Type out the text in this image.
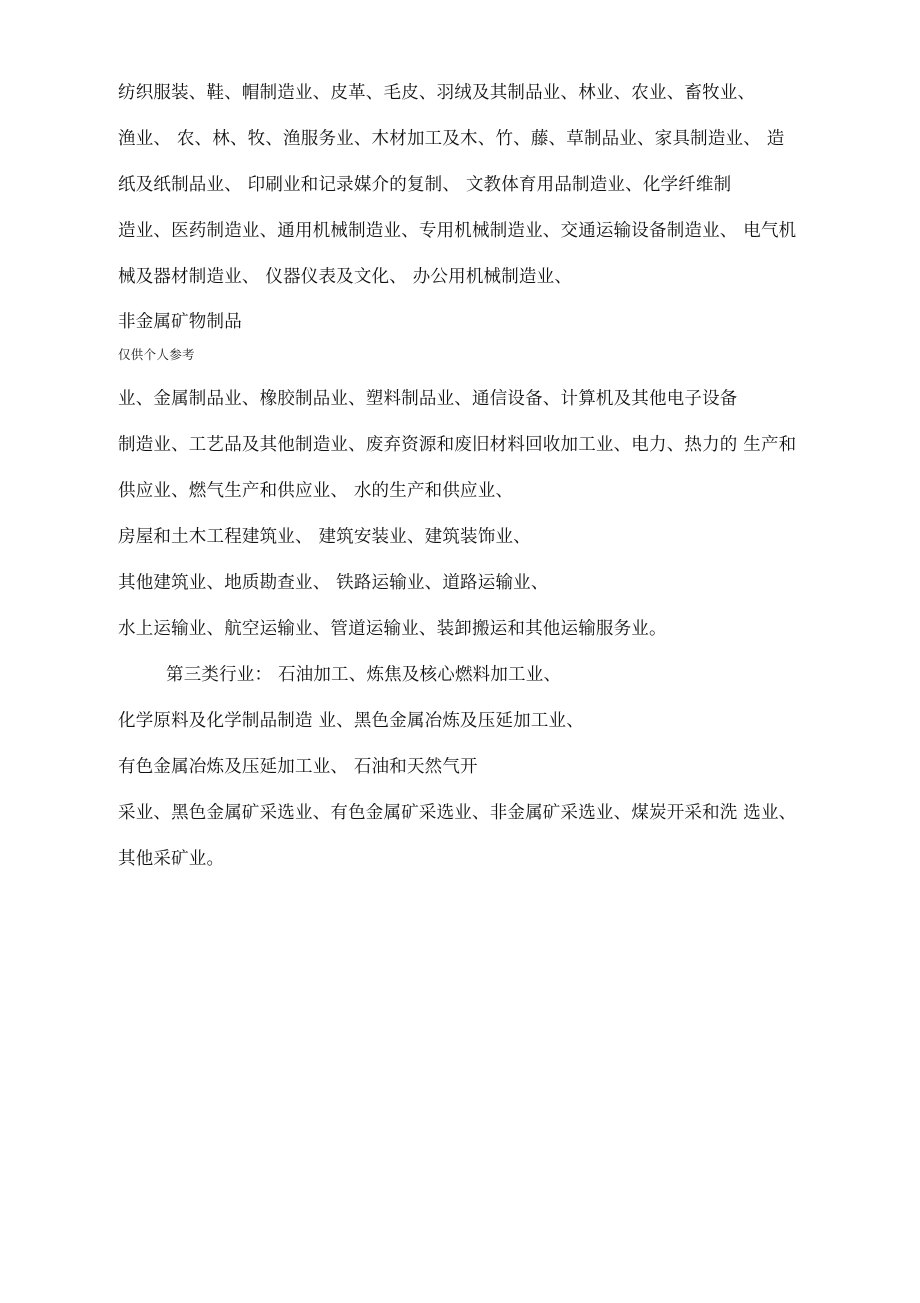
纺织服装、鞋、帽制造业、皮革、毛皮、羽绒及其制品业、林业、农业、畜牧业、

渔业、 农、林、牧、渔服务业、木材加工及木、竹、藤、草制品业、家具制造业、 造纸及纸制品业、 印刷业和记录媒介的复制、 文教体育用品制造业、化学纤维制

造业、医药制造业、通用机械制造业、专用机械制造业、交通运输设备制造业、 电气机械及器材制造业、 仪器仪表及文化、 办公用机械制造业、

非金属矿物制品

仅供个人参考

业、金属制品业、橡胶制品业、塑料制品业、通信设备、计算机及其他电子设备

制造业、工艺品及其他制造业、废弃资源和废旧材料回收加工业、电力、热力的 生产和供应业、燃气生产和供应业、 水的生产和供应业、

房屋和土木工程建筑业、 建筑安装业、建筑装饰业、

其他建筑业、地质勘查业、 铁路运输业、道路运输业、

水上运输业、航空运输业、管道运输业、装卸搬运和其他运输服务业。

第三类行业： 石油加工、炼焦及核心燃料加工业、

化学原料及化学制品制造 业、黑色金属冶炼及压延加工业、

有色金属冶炼及压延加工业、 石油和天然气开

采业、黑色金属矿采选业、有色金属矿采选业、非金属矿采选业、煤炭开采和洗 选业、其他采矿业。
